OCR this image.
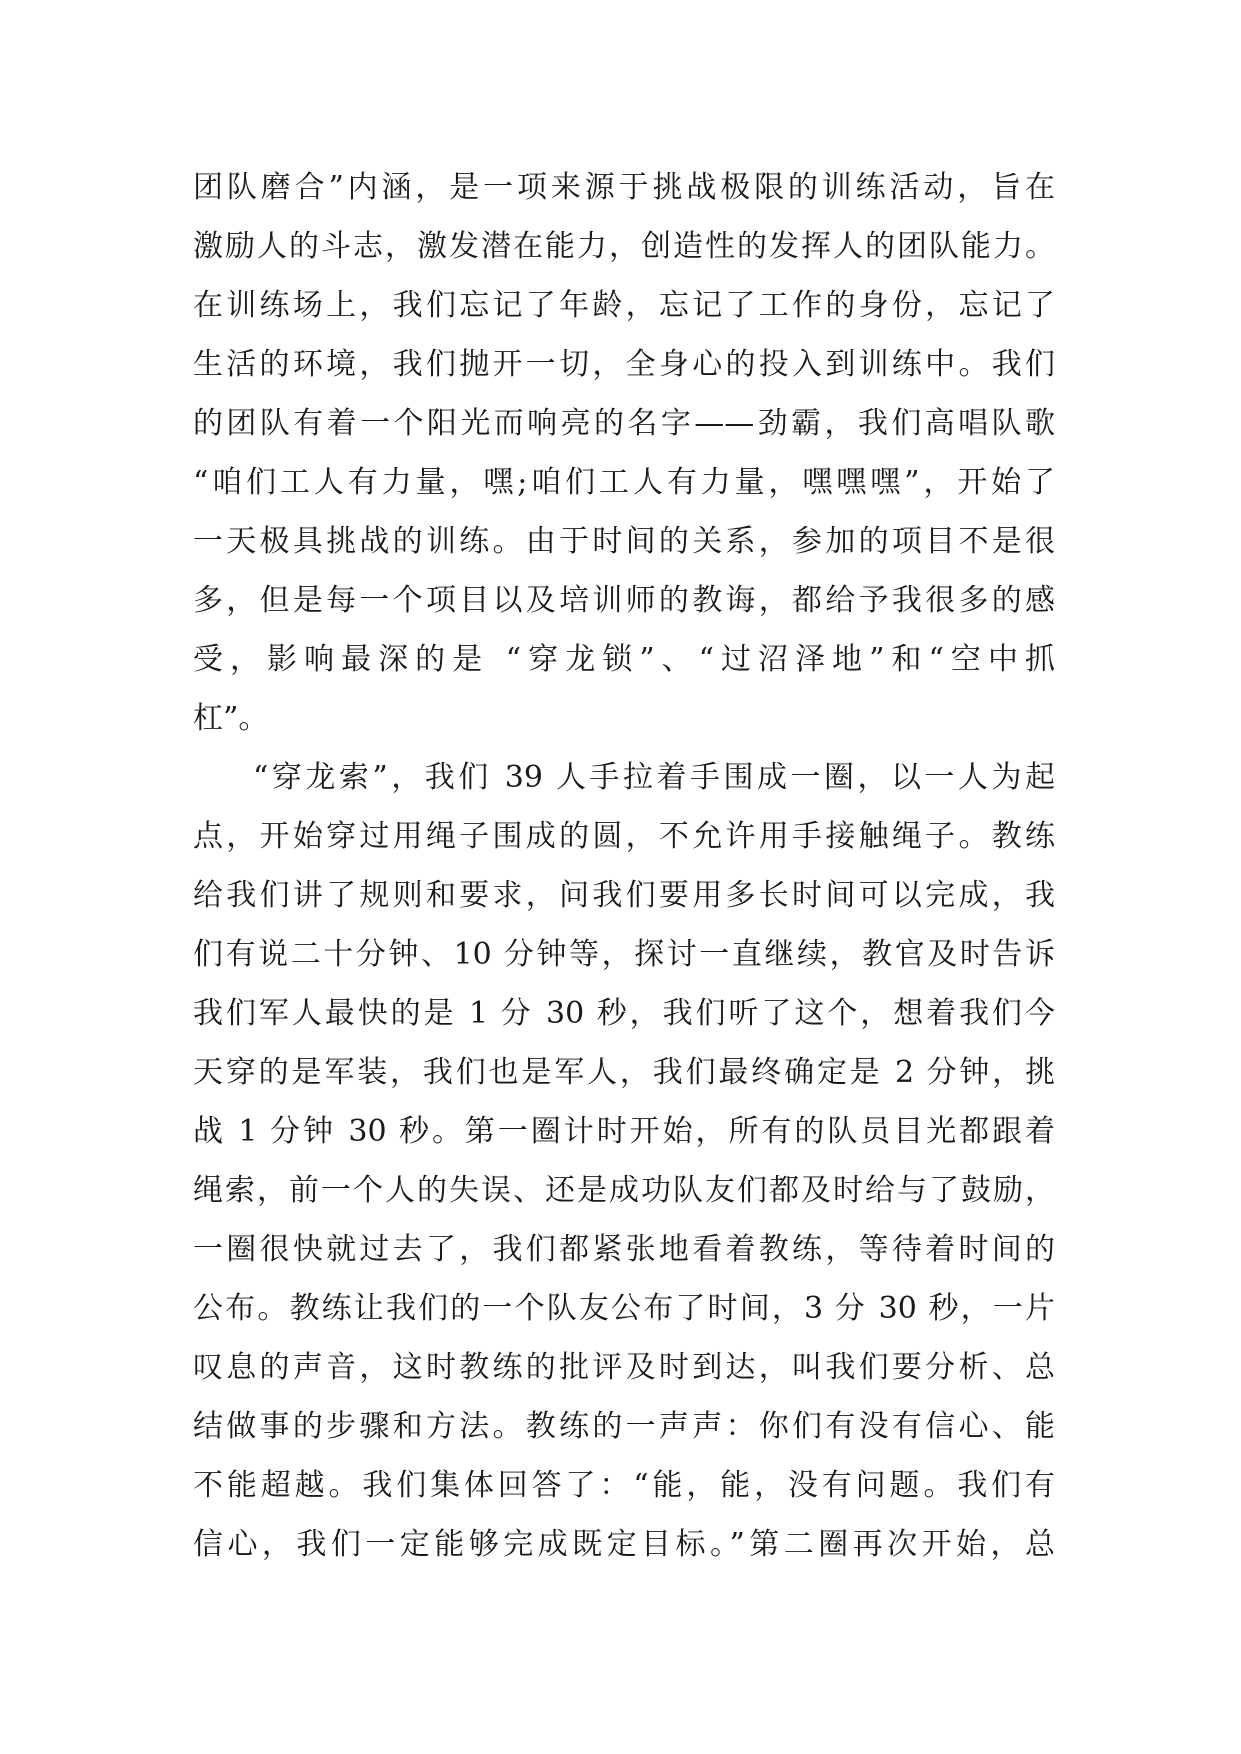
团队磨合”内涵，是一项来源于挑战极限的训练活动，旨在
激励人的斗志，激发潜在能力，创造性的发挥人的团队能力。
在训练场上，我们忘记了年龄，忘记了工作的身份，忘记了
生活的环境，我们抛开一切，全身心的投入到训练中。我们
的团队有着一个阳光而响亮的名字——劲霸，我们高唱队歌
“咱们工人有力量，嘿;咱们工人有力量，嘿嘿嘿”，开始了
一天极具挑战的训练。由于时间的关系，参加的项目不是很
多，但是每一个项目以及培训师的教诲，都给予我很多的感
受，影响最深的是 “穿龙锁”、“过沼泽地”和“空中抓
杠”。
“穿龙索”，我们 39 人手拉着手围成一圈，以一人为起
点，开始穿过用绳子围成的圆，不允许用手接触绳子。教练
给我们讲了规则和要求，问我们要用多长时间可以完成，我
们有说二十分钟、10 分钟等，探讨一直继续，教官及时告诉
我们军人最快的是 1 分 30 秒，我们听了这个，想着我们今
天穿的是军装，我们也是军人，我们最终确定是 2 分钟，挑
战 1 分钟 30 秒。第一圈计时开始，所有的队员目光都跟着
绳索，前一个人的失误、还是成功队友们都及时给与了鼓励，
一圈很快就过去了，我们都紧张地看着教练，等待着时间的
公布。教练让我们的一个队友公布了时间，3 分 30 秒，一片
叹息的声音，这时教练的批评及时到达，叫我们要分析、总
结做事的步骤和方法。教练的一声声：你们有没有信心、能
不能超越。我们集体回答了：“能，能，没有问题。我们有
信心，我们一定能够完成既定目标。”第二圈再次开始，总
